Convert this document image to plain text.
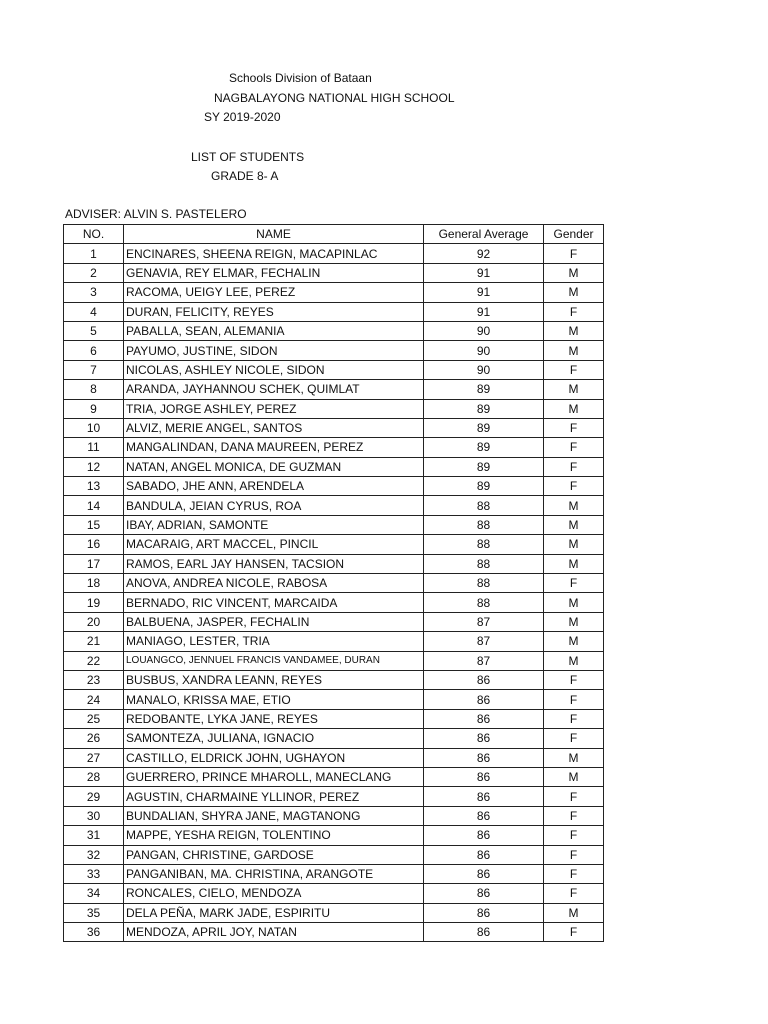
Schools Division of Bataan
NAGBALAYONG NATIONAL HIGH SCHOOL
SY 2019-2020
LIST OF STUDENTS
GRADE 8- A
ADVISER: ALVIN S. PASTELERO
NO.	NAME	General Average	Gender
1	ENCINARES, SHEENA REIGN, MACAPINLAC	92	F
2	GENAVIA, REY ELMAR, FECHALIN	91	M
3	RACOMA, UEIGY LEE, PEREZ	91	M
4	DURAN, FELICITY, REYES	91	F
5	PABALLA, SEAN, ALEMANIA	90	M
6	PAYUMO, JUSTINE, SIDON	90	M
7	NICOLAS, ASHLEY NICOLE, SIDON	90	F
8	ARANDA, JAYHANNOU SCHEK, QUIMLAT	89	M
9	TRIA, JORGE ASHLEY, PEREZ	89	M
10	ALVIZ, MERIE ANGEL, SANTOS	89	F
11	MANGALINDAN, DANA MAUREEN, PEREZ	89	F
12	NATAN, ANGEL MONICA, DE GUZMAN	89	F
13	SABADO, JHE ANN, ARENDELA	89	F
14	BANDULA, JEIAN CYRUS, ROA	88	M
15	IBAY, ADRIAN, SAMONTE	88	M
16	MACARAIG, ART MACCEL, PINCIL	88	M
17	RAMOS, EARL JAY HANSEN, TACSION	88	M
18	ANOVA, ANDREA NICOLE, RABOSA	88	F
19	BERNADO, RIC VINCENT, MARCAIDA	88	M
20	BALBUENA, JASPER, FECHALIN	87	M
21	MANIAGO, LESTER, TRIA	87	M
22	LOUANGCO, JENNUEL FRANCIS VANDAMEE, DURAN	87	M
23	BUSBUS, XANDRA LEANN, REYES	86	F
24	MANALO, KRISSA MAE, ETIO	86	F
25	REDOBANTE, LYKA JANE, REYES	86	F
26	SAMONTEZA, JULIANA, IGNACIO	86	F
27	CASTILLO, ELDRICK JOHN, UGHAYON	86	M
28	GUERRERO, PRINCE MHAROLL, MANECLANG	86	M
29	AGUSTIN, CHARMAINE YLLINOR, PEREZ	86	F
30	BUNDALIAN, SHYRA JANE, MAGTANONG	86	F
31	MAPPE, YESHA REIGN, TOLENTINO	86	F
32	PANGAN, CHRISTINE, GARDOSE	86	F
33	PANGANIBAN, MA. CHRISTINA, ARANGOTE	86	F
34	RONCALES, CIELO, MENDOZA	86	F
35	DELA PEÑA, MARK JADE, ESPIRITU	86	M
36	MENDOZA, APRIL JOY, NATAN	86	F
